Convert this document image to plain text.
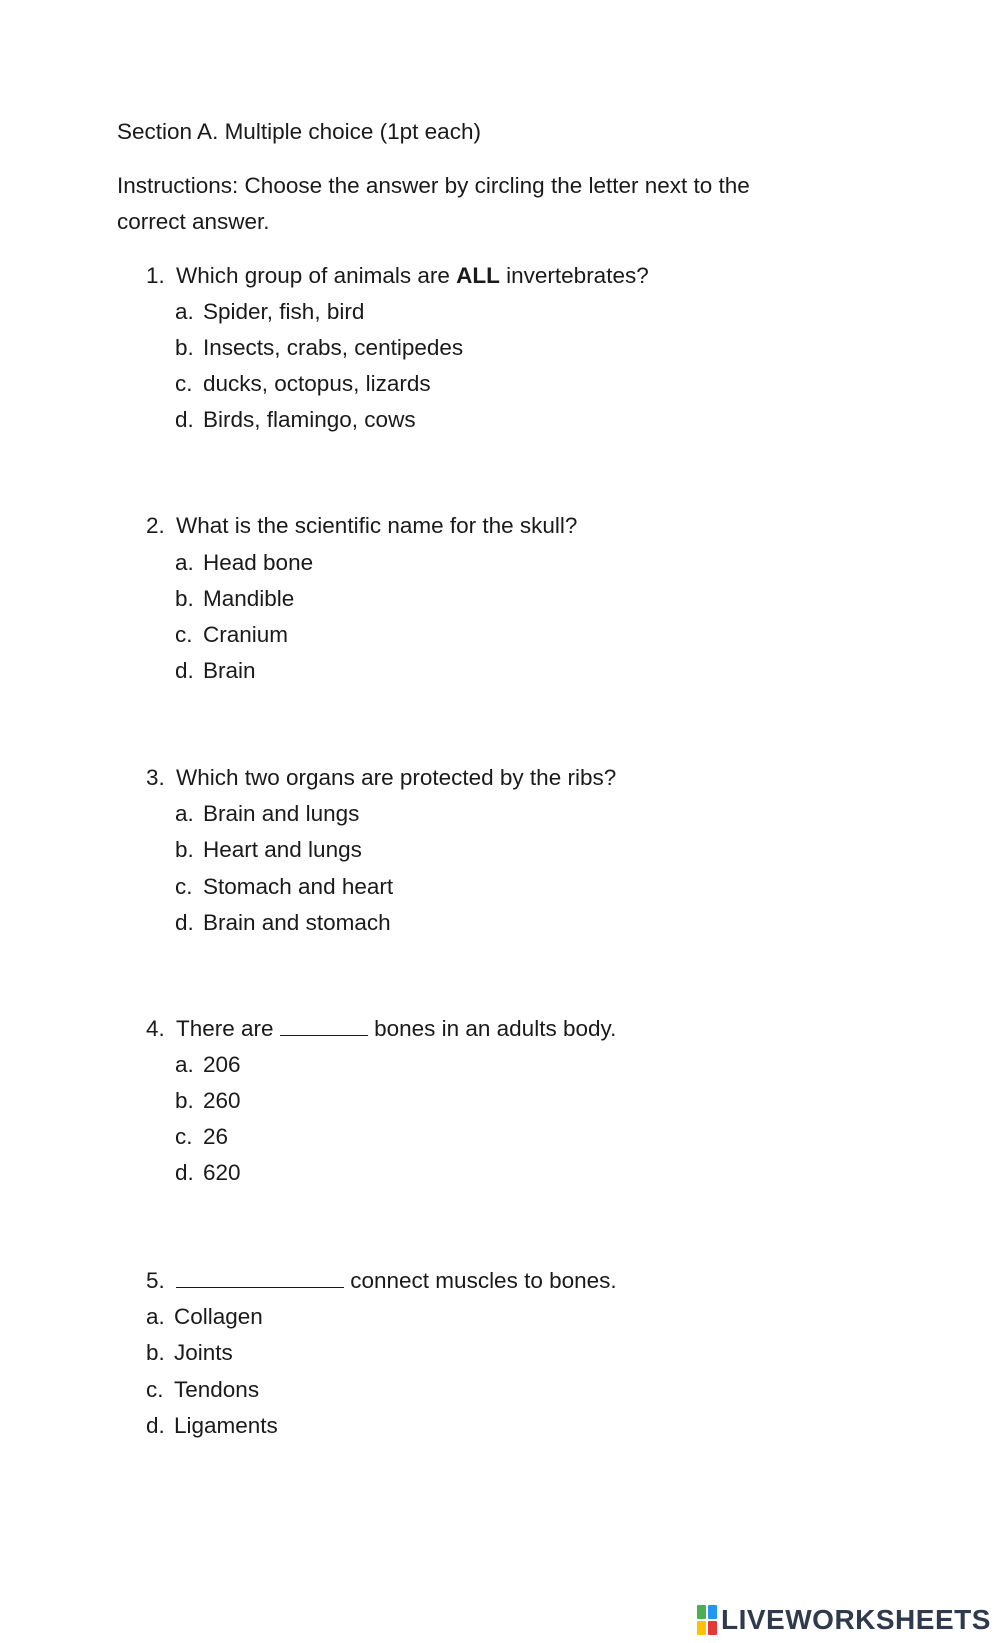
Section A. Multiple choice (1pt each)
Instructions: Choose the answer by circling the letter next to the
correct answer.
1. Which group of animals are ALL invertebrates?
a. Spider, fish, bird
b. Insects, crabs, centipedes
c. ducks, octopus, lizards
d. Birds, flamingo, cows
2. What is the scientific name for the skull?
a. Head bone
b. Mandible
c. Cranium
d. Brain
3. Which two organs are protected by the ribs?
a. Brain and lungs
b. Heart and lungs
c. Stomach and heart
d. Brain and stomach
4. There are	bones in an adults body.
a. 206
b. 260
c. 26
d. 620
5.	connect muscles to bones.
a. Collagen
b. Joints
c. Tendons
d. Ligaments
LIVEWORKSHEETS
